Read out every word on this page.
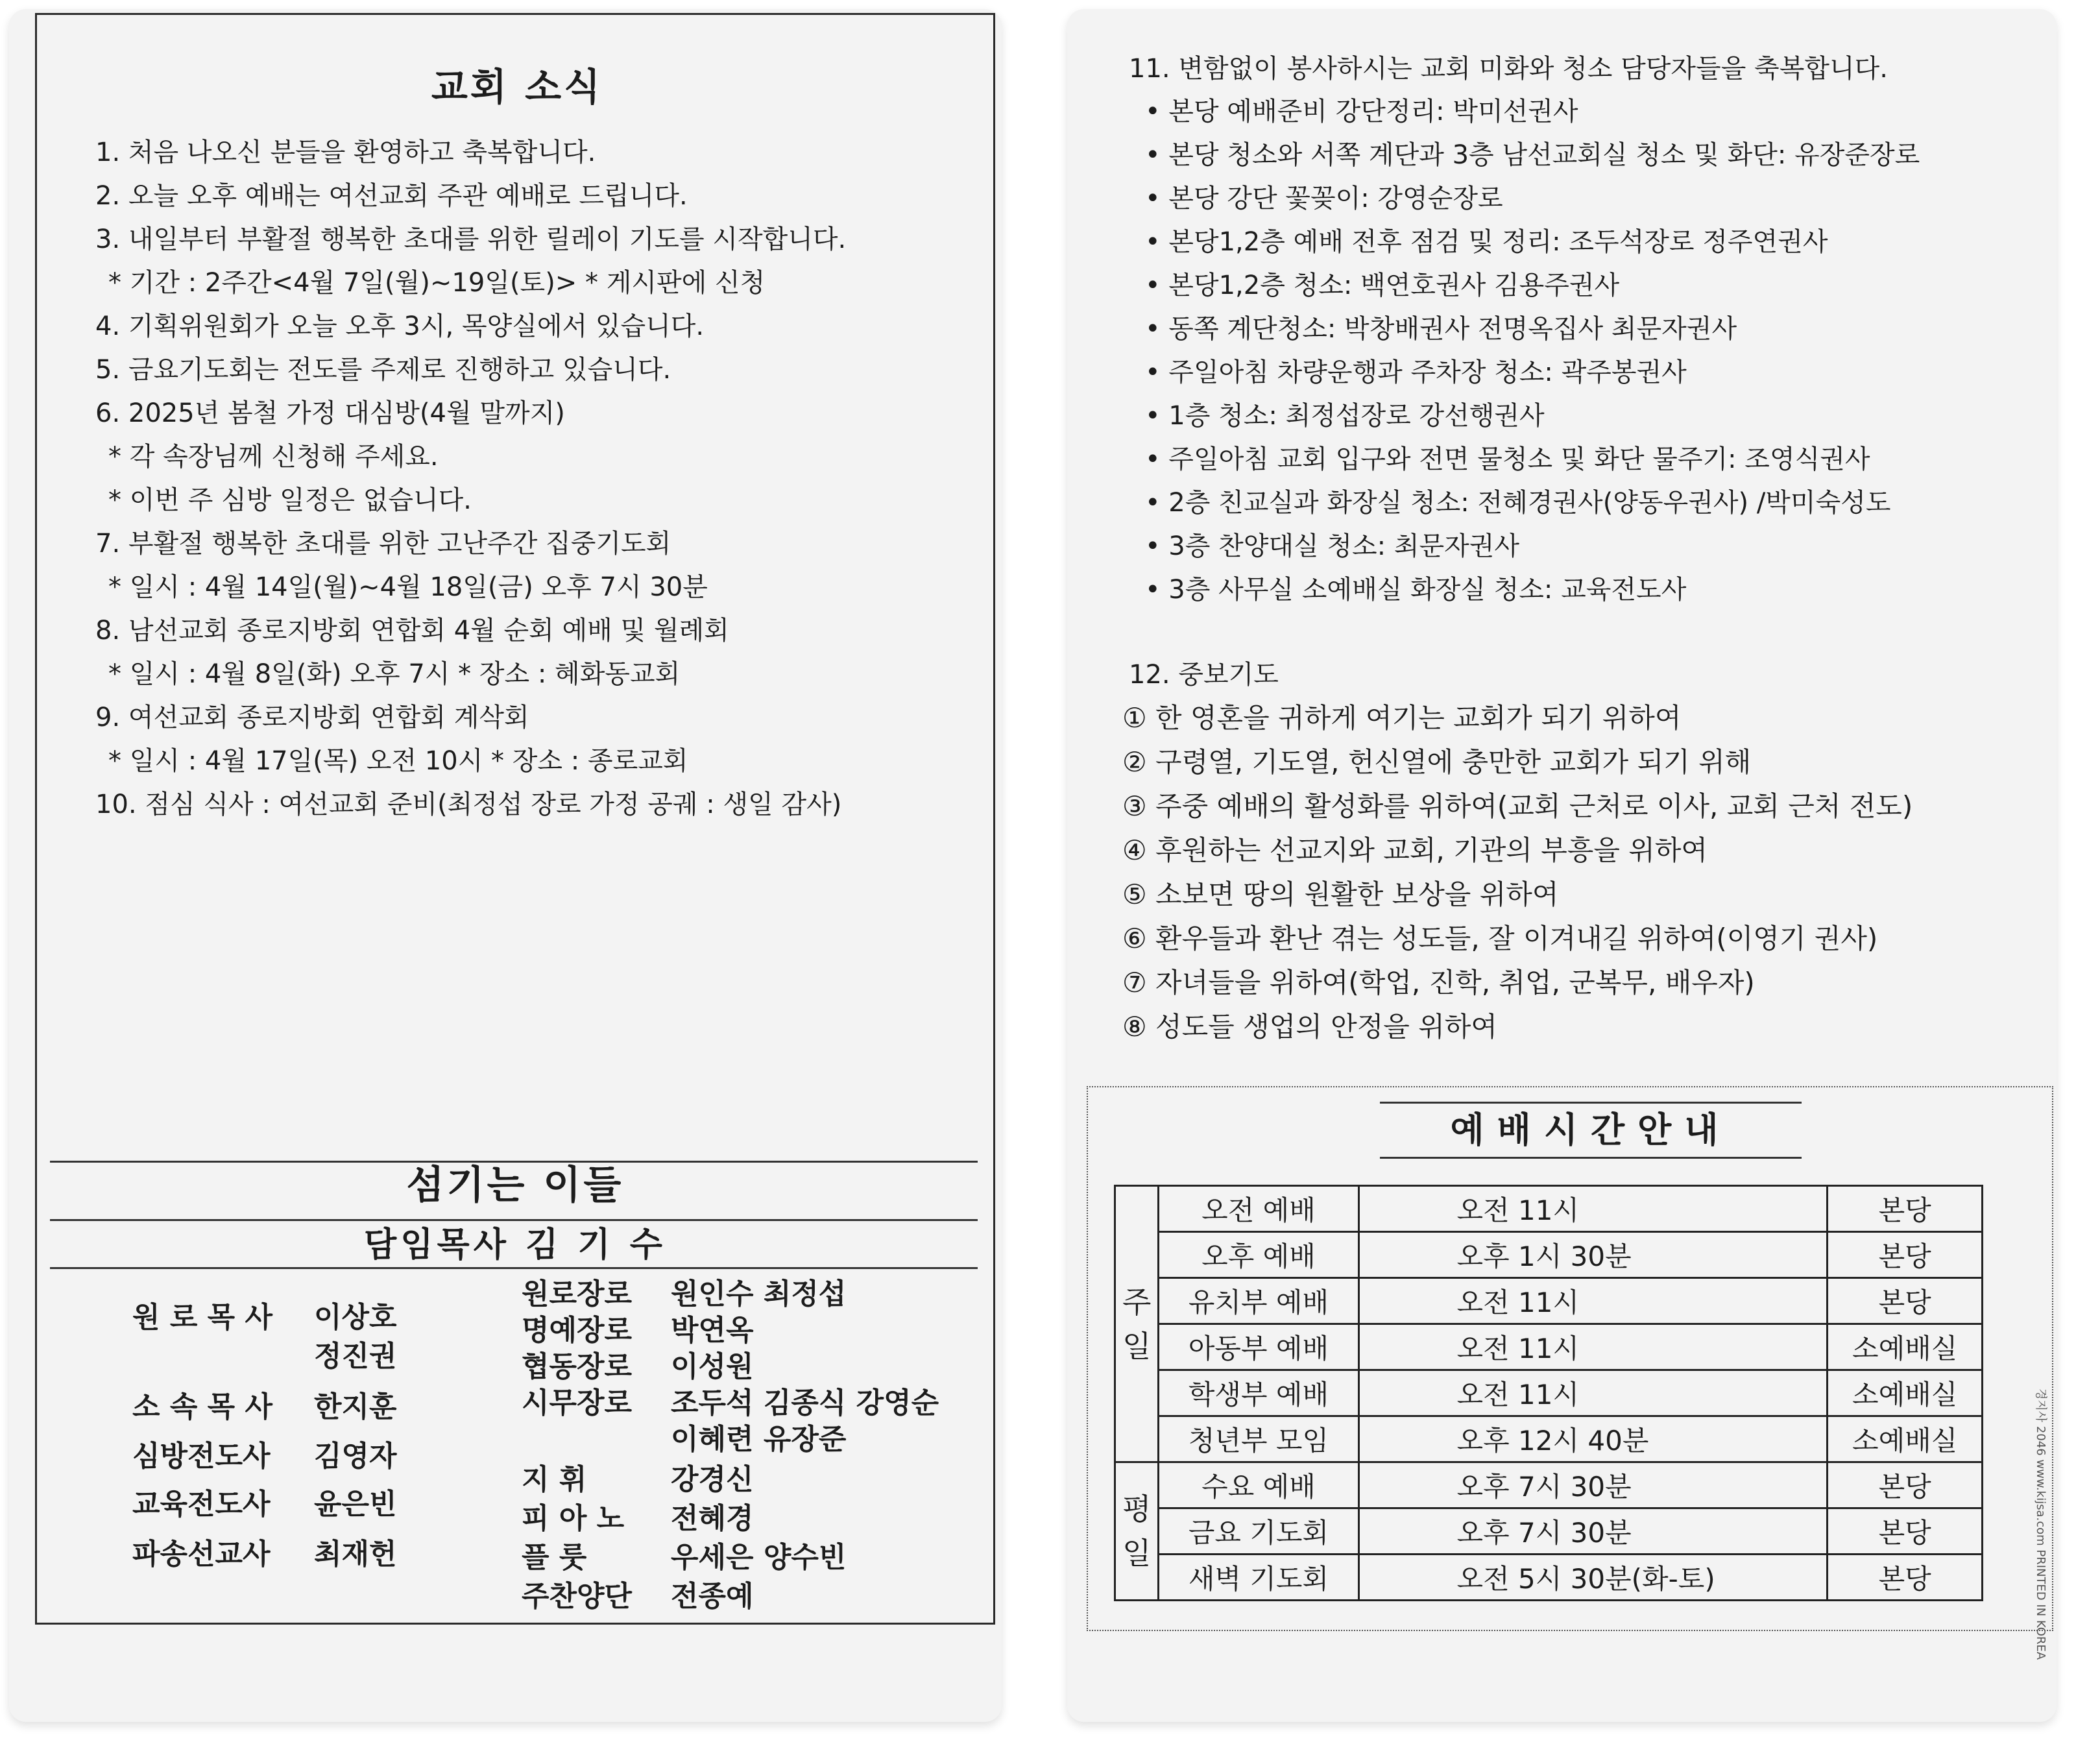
교회 소식
1. 처음 나오신 분들을 환영하고 축복합니다.
2. 오늘 오후 예배는 여선교회 주관 예배로 드립니다.
3. 내일부터 부활절 행복한 초대를 위한 릴레이 기도를 시작합니다.
* 기간 : 2주간<4월 7일(월)~19일(토)> * 게시판에 신청
4. 기획위원회가 오늘 오후 3시, 목양실에서 있습니다.
5. 금요기도회는 전도를 주제로 진행하고 있습니다.
6. 2025년 봄철 가정 대심방(4월 말까지)
* 각 속장님께 신청해 주세요.
* 이번 주 심방 일정은 없습니다.
7. 부활절 행복한 초대를 위한 고난주간 집중기도회
* 일시 : 4월 14일(월)~4월 18일(금) 오후 7시 30분
8. 남선교회 종로지방회 연합회 4월 순회 예배 및 월례회
* 일시 : 4월 8일(화) 오후 7시 * 장소 : 혜화동교회
9. 여선교회 종로지방회 연합회 계삭회
* 일시 : 4월 17일(목) 오전 10시 * 장소 : 종로교회
10. 점심 식사 : 여선교회 준비(최정섭 장로 가정 공궤 : 생일 감사)
섬기는 이들
담임목사 김 기 수
원 로 목 사 이상호
정진권
소 속 목 사 한지훈
심방전도사 김영자
교육전도사 윤은빈
파송선교사 최재헌
원로장로 원인수 최정섭
명예장로 박연옥
협동장로 이성원
시무장로 조두석 김종식 강영순
이혜련 유장준
지 휘	강경신
피 아 노 전혜경
플 룻	우세은 양수빈
주찬양단 전종예
11. 변함없이 봉사하시는 교회 미화와 청소 담당자들을 축복합니다.
• 본당 예배준비 강단정리: 박미선권사
• 본당 청소와 서쪽 계단과 3층 남선교회실 청소 및 화단: 유장준장로
• 본당 강단 꽃꽂이: 강영순장로
• 본당1,2층 예배 전후 점검 및 정리: 조두석장로 정주연권사
• 본당1,2층 청소: 백연호권사 김용주권사
• 동쪽 계단청소: 박창배권사 전명옥집사 최문자권사
• 주일아침 차량운행과 주차장 청소: 곽주봉권사
• 1층 청소: 최정섭장로 강선행권사
• 주일아침 교회 입구와 전면 물청소 및 화단 물주기: 조영식권사
• 2층 친교실과 화장실 청소: 전혜경권사(양동우권사) /박미숙성도
• 3층 찬양대실 청소: 최문자권사
• 3층 사무실 소예배실 화장실 청소: 교육전도사
12. 중보기도
① 한 영혼을 귀하게 여기는 교회가 되기 위하여
② 구령열, 기도열, 헌신열에 충만한 교회가 되기 위해
③ 주중 예배의 활성화를 위하여(교회 근처로 이사, 교회 근처 전도)
④ 후원하는 선교지와 교회, 기관의 부흥을 위하여
⑤ 소보면 땅의 원활한 보상을 위하여
⑥ 환우들과 환난 겪는 성도들, 잘 이겨내길 위하여(이영기 권사)
⑦ 자녀들을 위하여(학업, 진학, 취업, 군복무, 배우자)
⑧ 성도들 생업의 안정을 위하여
예배시간안내
주일	오전 예배	오전 11시	본당
	오후 예배	오후 1시 30분	본당
	유치부 예배	오전 11시	본당
	아동부 예배	오전 11시	소예배실
	학생부 예배	오전 11시	소예배실
	청년부 모임	오후 12시 40분	소예배실
평일	수요 예배	오후 7시 30분	본당
	금요 기도회	오후 7시 30분	본당
	새벽 기도회	오전 5시 30분(화-토)	본당	경지사 2046 www.kijsa.com PRINTED IN KOREA
